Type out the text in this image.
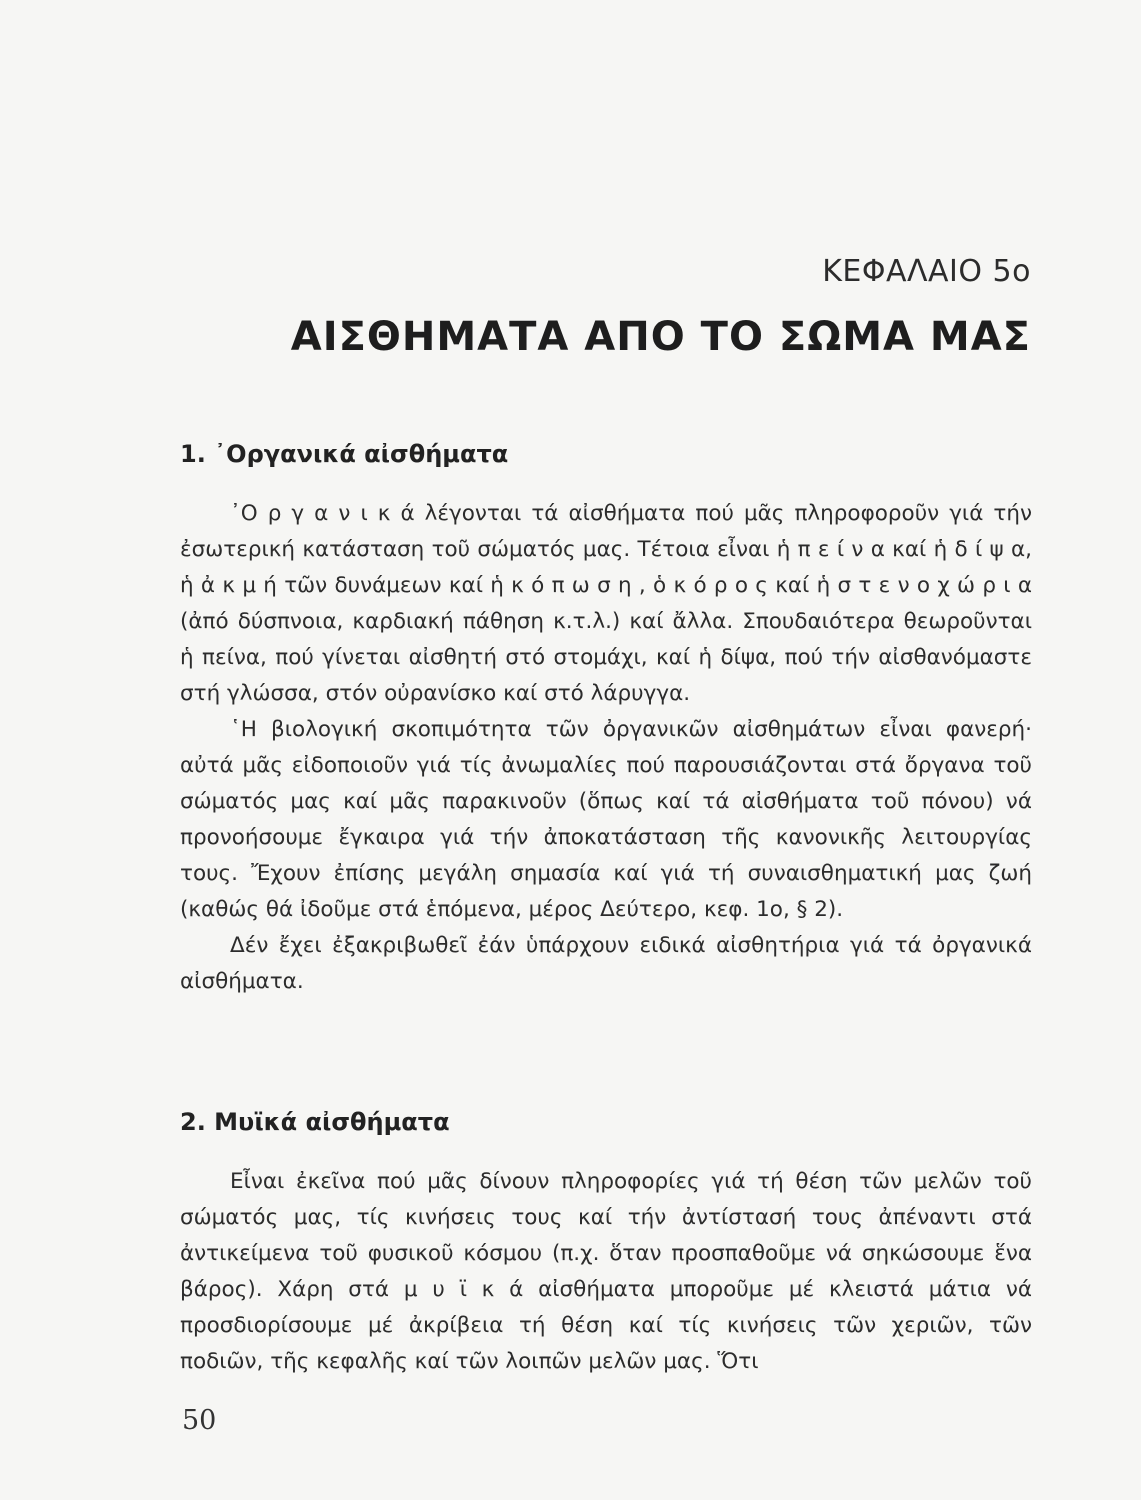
ΚΕΦΑΛΑΙΟ 5ο
ΑΙΣΘΗΜΑΤΑ ΑΠΟ ΤΟ ΣΩΜΑ ΜΑΣ
1. ᾿Οργανικά αἰσθήματα

᾿Ο ρ γ α ν ι κ ά λέγονται τά αἰσθήματα πού μᾶς πληροφοροῦν γιά τήν ἐσωτερική κατάσταση τοῦ σώματός μας. Τέτοια εἶναι ἡ π ε ί ν α καί ἡ δ ί ψ α, ἡ ἀ κ μ ή τῶν δυνάμεων καί ἡ κ ό π ω σ η , ὁ κ ό ρ ο ς καί ἡ σ τ ε ν ο χ ώ ρ ι α (ἀπό δύσπνοια, καρδιακή πάθηση κ.τ.λ.) καί ἄλλα. Σπουδαιότερα θεωροῦνται ἡ πείνα, πού γίνεται αἰσθητή στό στομάχι, καί ἡ δίψα, πού τήν αἰσθανόμαστε στή γλώσσα, στόν οὐρανίσκο καί στό λάρυγγα.

῾Η βιολογική σκοπιμότητα τῶν ὀργανικῶν αἰσθημάτων εἶναι φανερή· αὐτά μᾶς εἰδοποιοῦν γιά τίς ἀνωμαλίες πού παρουσιάζονται στά ὄργανα τοῦ σώματός μας καί μᾶς παρακινοῦν (ὅπως καί τά αἰσθήματα τοῦ πόνου) νά προνοήσουμε ἔγκαιρα γιά τήν ἀποκατάσταση τῆς κανονικῆς λειτουργίας τους. Ἔχουν ἐπίσης μεγάλη σημασία καί γιά τή συναισθηματική μας ζωή (καθώς θά ἰδοῦμε στά ἑπόμενα, μέρος Δεύτερο, κεφ. 1ο, § 2).

Δέν ἔχει ἐξακριβωθεῖ ἐάν ὑπάρχουν ειδικά αἰσθητήρια γιά τά ὀργανικά αἰσθήματα.

2. Μυϊκά αἰσθήματα

Εἶναι ἐκεῖνα πού μᾶς δίνουν πληροφορίες γιά τή θέση τῶν μελῶν τοῦ σώματός μας, τίς κινήσεις τους καί τήν ἀντίστασή τους ἀπέναντι στά ἀντικείμενα τοῦ φυσικοῦ κόσμου (π.χ. ὅταν προσπαθοῦμε νά σηκώσουμε ἕνα βάρος). Χάρη στά μ υ ϊ κ ά αἰσθήματα μποροῦμε μέ κλειστά μάτια νά προσδιορίσουμε μέ ἀκρίβεια τή θέση καί τίς κινήσεις τῶν χεριῶν, τῶν ποδιῶν, τῆς κεφαλῆς καί τῶν λοιπῶν μελῶν μας. Ὅτι

50
